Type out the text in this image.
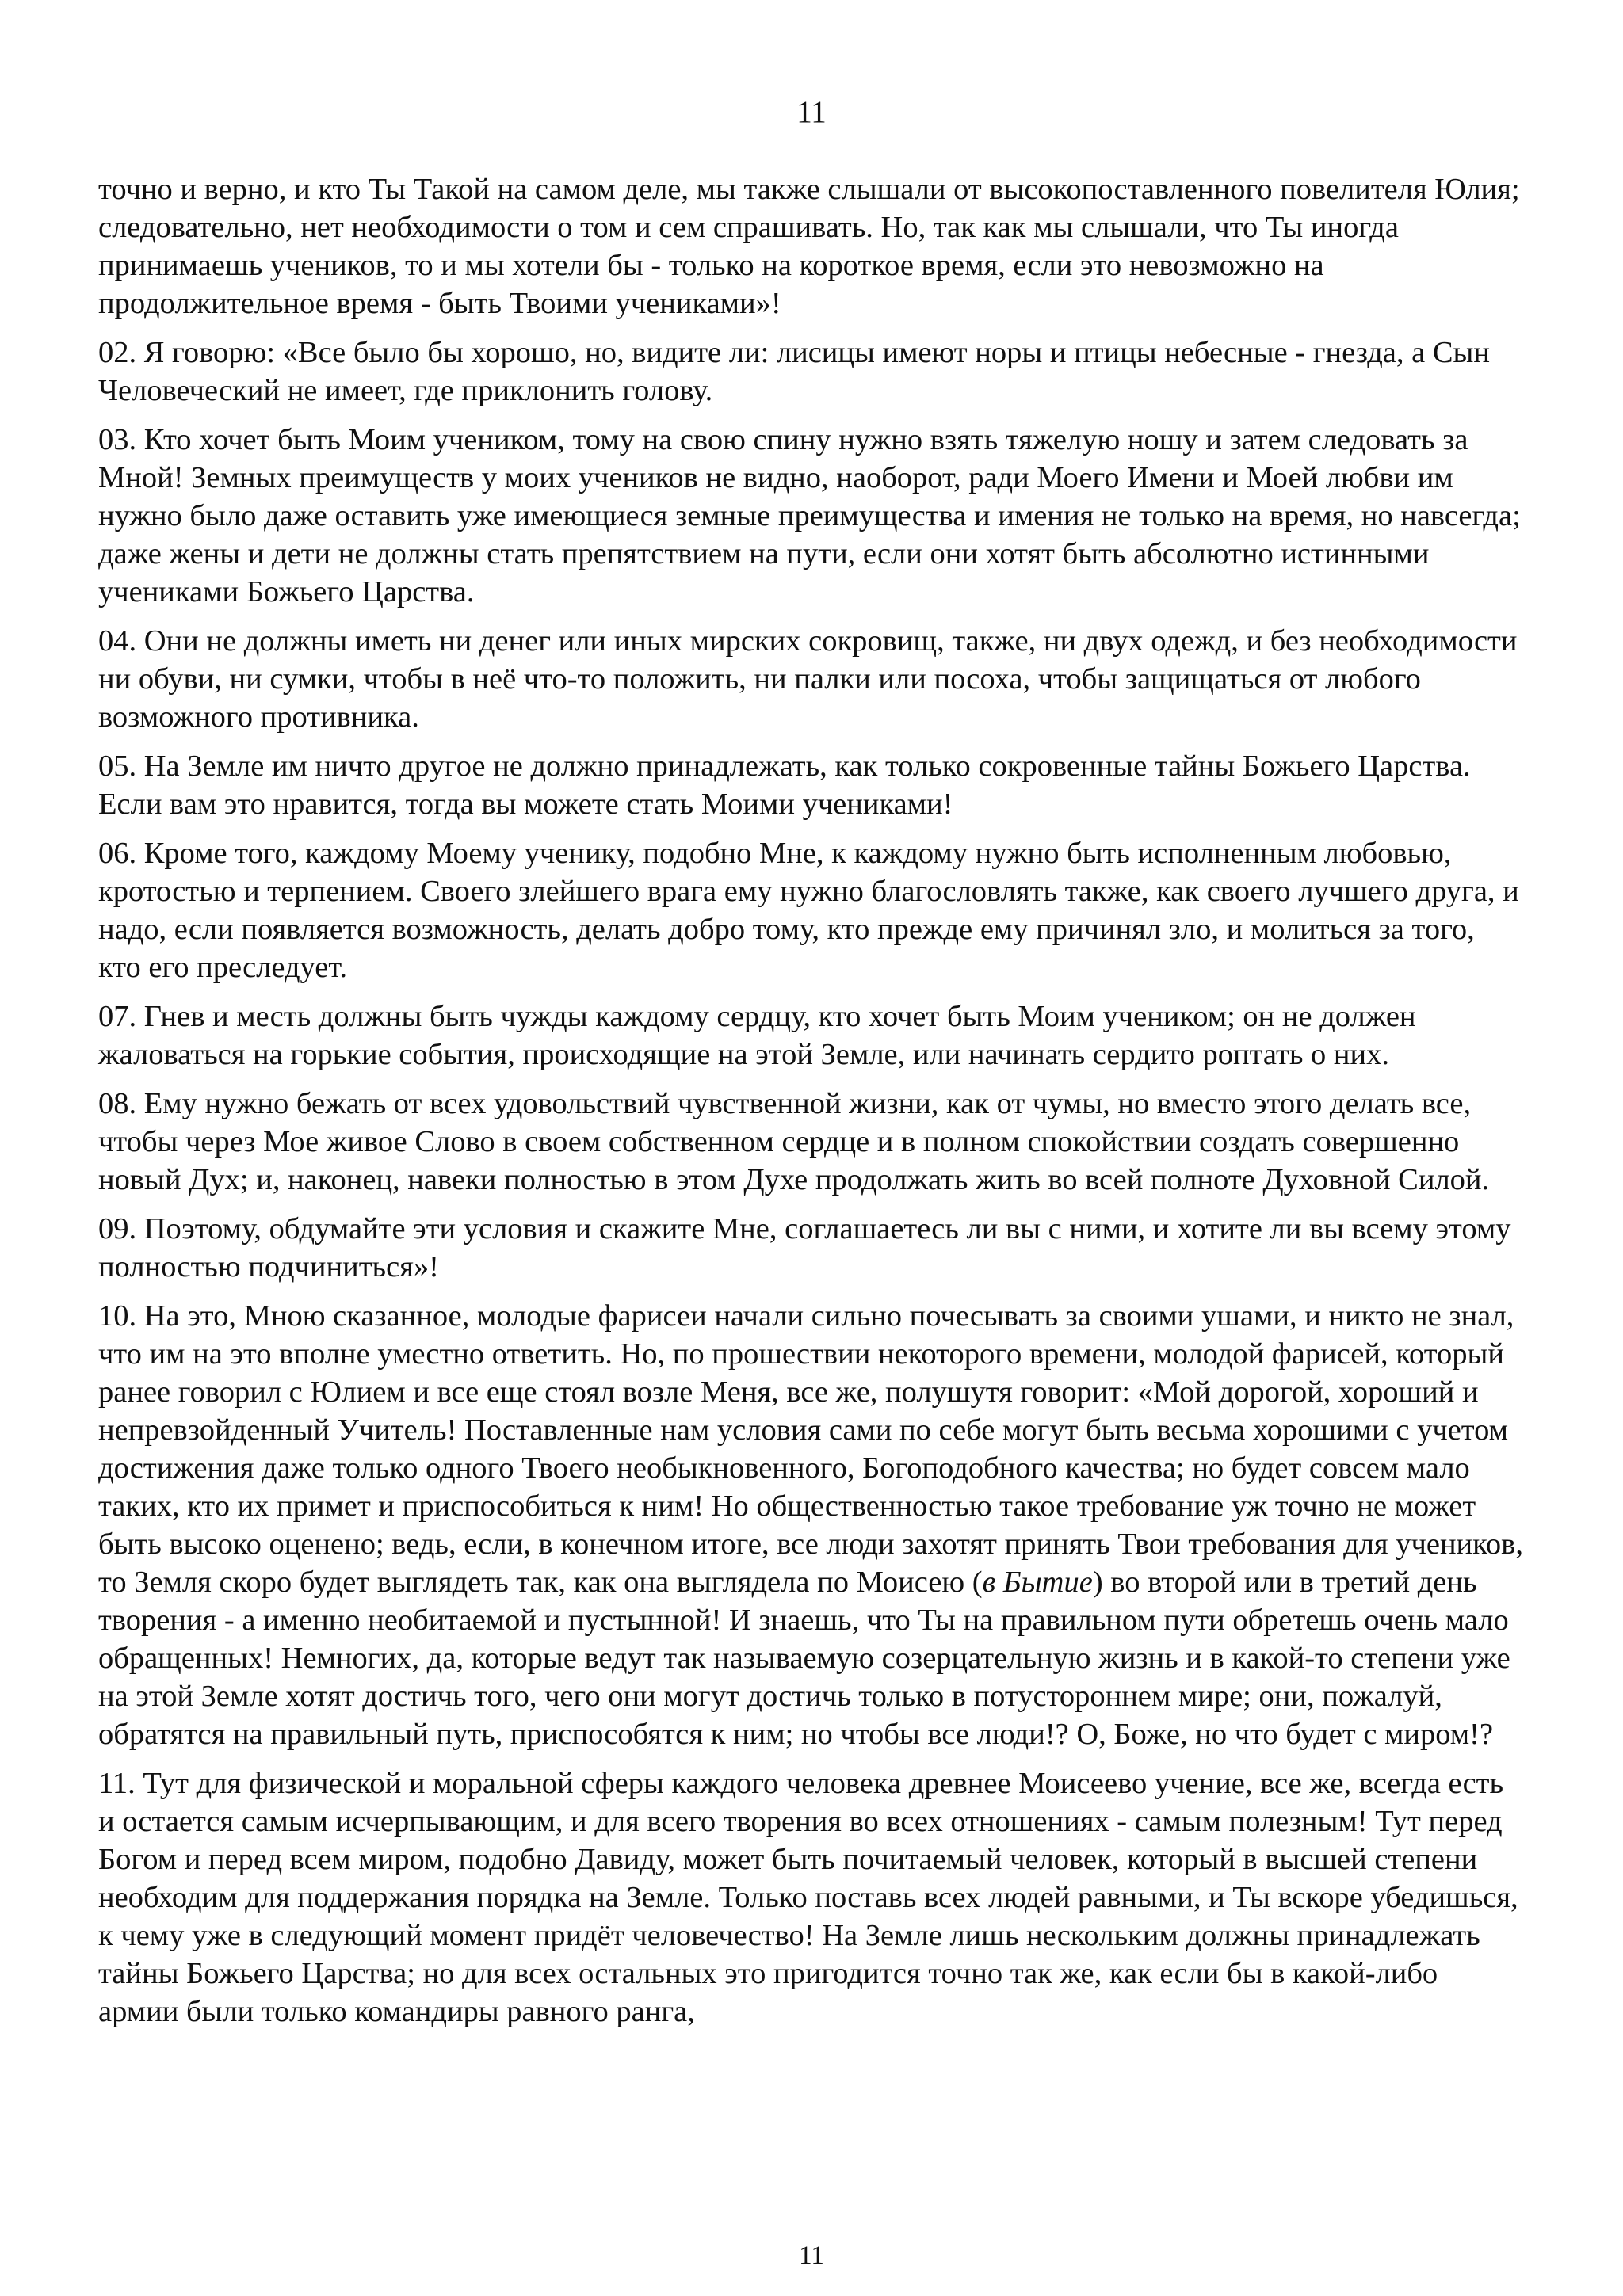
11

точно и верно, и кто Ты Такой на самом деле, мы также слышали от высокопоставленного повелителя Юлия; следовательно, нет необходимости о том и сем спрашивать. Но, так как мы слышали, что Ты иногда принимаешь учеников, то и мы хотели бы - только на короткое время, если это невозможно на продолжительное время - быть Твоими учениками»!

02. Я говорю: «Все было бы хорошо, но, видите ли: лисицы имеют норы и птицы небесные - гнезда, а Сын Человеческий не имеет, где приклонить голову.

03. Кто хочет быть Моим учеником, тому на свою спину нужно взять тяжелую ношу и затем следовать за Мной! Земных преимуществ у моих учеников не видно, наоборот, ради Моего Имени и Моей любви им нужно было даже оставить уже имеющиеся земные преимущества и имения не только на время, но навсегда; даже жены и дети не должны стать препятствием на пути, если они хотят быть абсолютно истинными учениками Божьего Царства.

04. Они не должны иметь ни денег или иных мирских сокровищ, также, ни двух одежд, и без необходимости ни обуви, ни сумки, чтобы в неё что-то положить, ни палки или посоха, чтобы защищаться от любого возможного противника.

05. На Земле им ничто другое не должно принадлежать, как только сокровенные тайны Божьего Царства. Если вам это нравится, тогда вы можете стать Моими учениками!

06. Кроме того, каждому Моему ученику, подобно Мне, к каждому нужно быть исполненным любовью, кротостью и терпением. Своего злейшего врага ему нужно благословлять также, как своего лучшего друга, и надо, если появляется возможность, делать добро тому, кто прежде ему причинял зло, и молиться за того, кто его преследует.

07. Гнев и месть должны быть чужды каждому сердцу, кто хочет быть Моим учеником; он не должен жаловаться на горькие события, происходящие на этой Земле, или начинать сердито роптать о них.

08. Ему нужно бежать от всех удовольствий чувственной жизни, как от чумы, но вместо этого делать все, чтобы через Мое живое Слово в своем собственном сердце и в полном спокойствии создать совершенно новый Дух; и, наконец, навеки полностью в этом Духе продолжать жить во всей полноте Духовной Силой.

09. Поэтому, обдумайте эти условия и скажите Мне, соглашаетесь ли вы с ними, и хотите ли вы всему этому полностью подчиниться»!

10. На это, Мною сказанное, молодые фарисеи начали сильно почесывать за своими ушами, и никто не знал, что им на это вполне уместно ответить. Но, по прошествии некоторого времени, молодой фарисей, который ранее говорил с Юлием и все еще стоял возле Меня, все же, полушутя говорит: «Мой дорогой, хороший и непревзойденный Учитель! Поставленные нам условия сами по себе могут быть весьма хорошими с учетом достижения даже только одного Твоего необыкновенного, Богоподобного качества; но будет совсем мало таких, кто их примет и приспособиться к ним! Но общественностью такое требование уж точно не может быть высоко оценено; ведь, если, в конечном итоге, все люди захотят принять Твои требования для учеников, то Земля скоро будет выглядеть так, как она выглядела по Моисею (в Бытие) во второй или в третий день творения - а именно необитаемой и пустынной! И знаешь, что Ты на правильном пути обретешь очень мало обращенных! Немногих, да, которые ведут так называемую созерцательную жизнь и в какой-то степени уже на этой Земле хотят достичь того, чего они могут достичь только в потустороннем мире; они, пожалуй, обратятся на правильный путь, приспособятся к ним; но чтобы все люди!? О, Боже, но что будет с миром!?

11. Тут для физической и моральной сферы каждого человека древнее Моисеево учение, все же, всегда есть и остается самым исчерпывающим, и для всего творения во всех отношениях - самым полезным! Тут перед Богом и перед всем миром, подобно Давиду, может быть почитаемый человек, который в высшей степени необходим для поддержания порядка на Земле. Только поставь всех людей равными, и Ты вскоре убедишься, к чему уже в следующий момент придёт человечество! На Земле лишь нескольким должны принадлежать тайны Божьего Царства; но для всех остальных это пригодится точно так же, как если бы в какой-либо армии были только командиры равного ранга,

11
